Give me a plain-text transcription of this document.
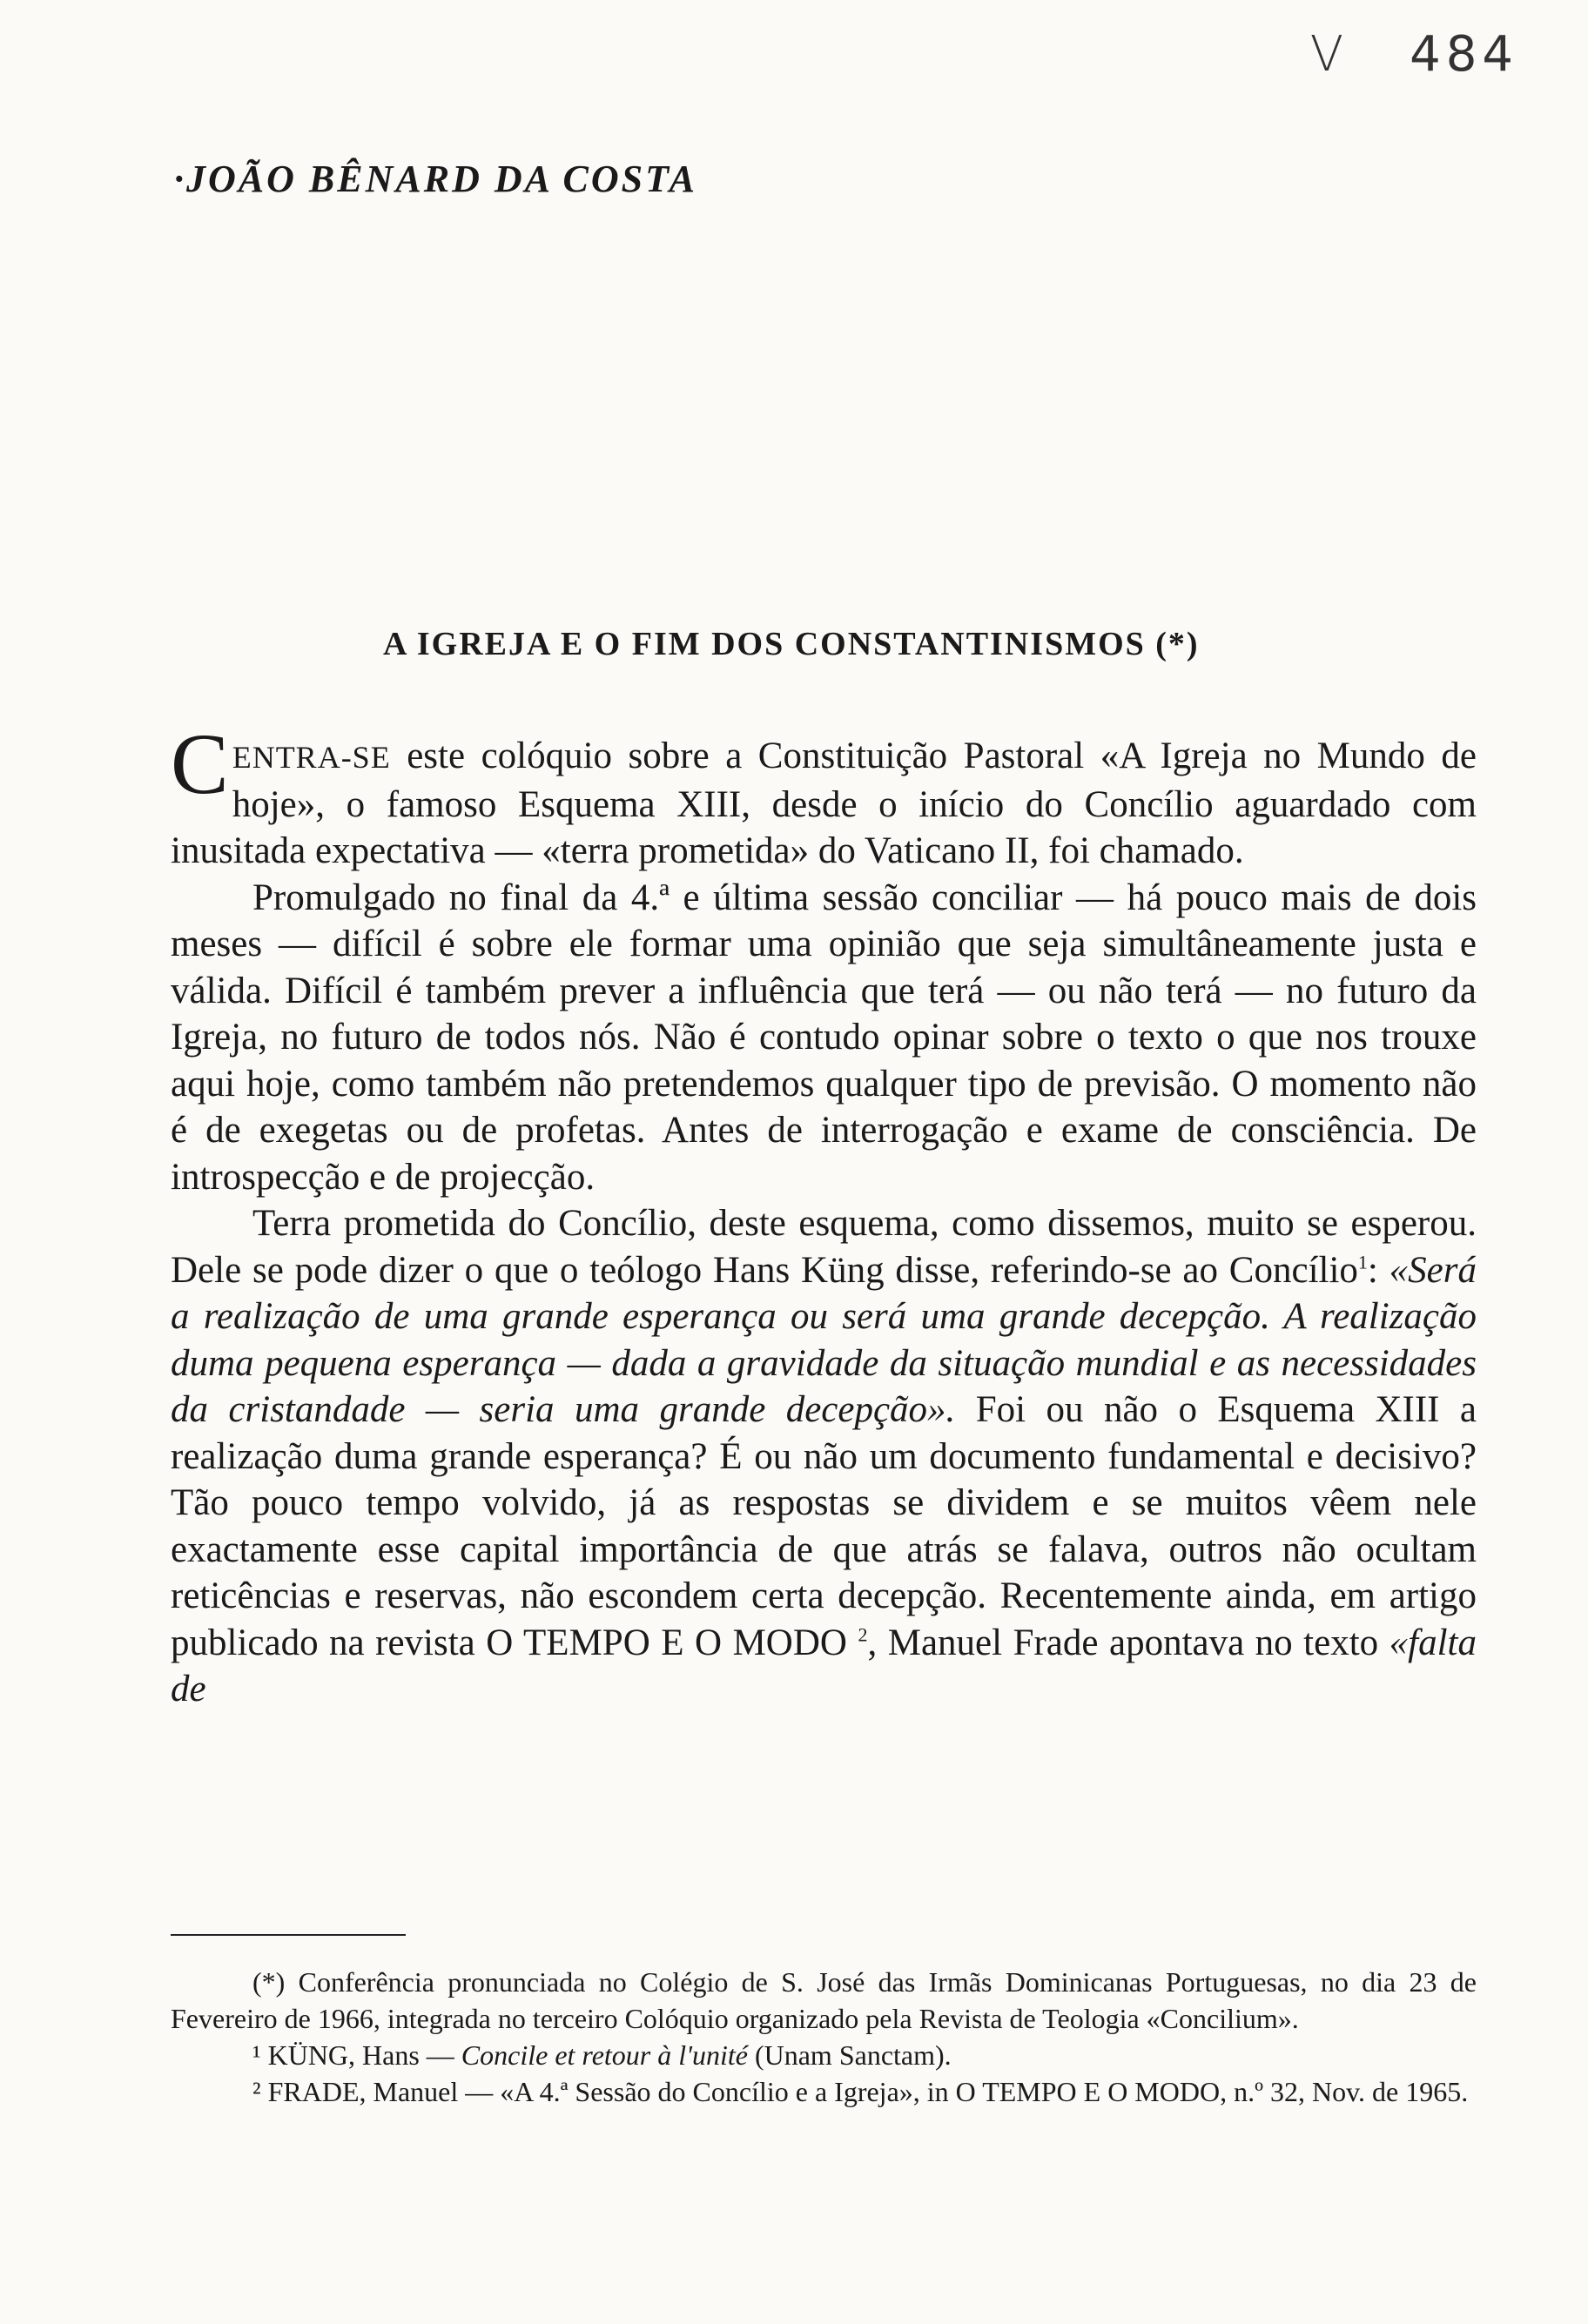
V 484
·JOÃO BÊNARD DA COSTA
A IGREJA E O FIM DOS CONSTANTINISMOS (*)

CENTRA-SE este colóquio sobre a Constituição Pastoral «A Igreja no Mundo de hoje», o famoso Esquema XIII, desde o início do Concílio aguardado com inusitada expectativa — «terra prometida» do Vaticano II, foi chamado.

Promulgado no final da 4.ª e última sessão conciliar — há pouco mais de dois meses — difícil é sobre ele formar uma opinião que seja simultâneamente justa e válida. Difícil é também prever a influência que terá — ou não terá — no futuro da Igreja, no futuro de todos nós. Não é contudo opinar sobre o texto o que nos trouxe aqui hoje, como também não pretendemos qualquer tipo de previsão. O momento não é de exegetas ou de profetas. Antes de interrogação e exame de consciência. De introspecção e de projecção.

Terra prometida do Concílio, deste esquema, como dissemos, muito se esperou. Dele se pode dizer o que o teólogo Hans Küng disse, referindo-se ao Concílio$^1$: «Será a realização de uma grande esperança ou será uma grande decepção. A realização duma pequena esperança — dada a gravidade da situação mundial e as necessidades da cristandade — seria uma grande decepção». Foi ou não o Esquema XIII a realização duma grande esperança? É ou não um documento fundamental e decisivo? Tão pouco tempo volvido, já as respostas se dividem e se muitos vêem nele exactamente esse capital importância de que atrás se falava, outros não ocultam reticências e reservas, não escondem certa decepção. Recentemente ainda, em artigo publicado na revista O TEMPO E O MODO $^2$, Manuel Frade apontava no texto «falta de

(*) Conferência pronunciada no Colégio de S. José das Irmãs Dominicanas Portuguesas, no dia 23 de Fevereiro de 1966, integrada no terceiro Colóquio organizado pela Revista de Teologia «Concilium».

¹ KÜNG, Hans — Concile et retour à l'unité (Unam Sanctam).

² FRADE, Manuel — «A 4.ª Sessão do Concílio e a Igreja», in O TEMPO E O MODO, n.º 32, Nov. de 1965.
